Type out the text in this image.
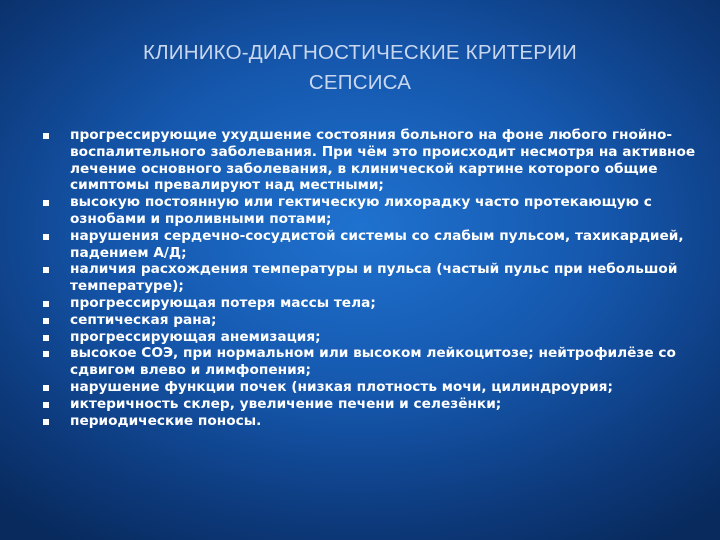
КЛИНИКО-ДИАГНОСТИЧЕСКИЕ КРИТЕРИИ
СЕПСИСА
прогрессирующие ухудшение состояния больного на фоне любого гнойно-воспалительного заболевания. При чём это происходит несмотря на активное лечение основного заболевания, в клинической картине которого общие симптомы превалируют над местными;
высокую постоянную или гектическую лихорадку часто протекающую с ознобами и проливными потами;
нарушения сердечно-сосудистой системы со слабым пульсом, тахикардией, падением А/Д;
наличия расхождения температуры и пульса (частый пульс при небольшой температуре);
прогрессирующая потеря массы тела;
септическая рана;
прогрессирующая анемизация;
высокое СОЭ, при нормальном или высоком лейкоцитозе; нейтрофилёзе со сдвигом влево и лимфопения;
нарушение функции почек (низкая плотность мочи, цилиндроурия;
иктеричность склер, увеличение печени и селезёнки;
периодические поносы.
